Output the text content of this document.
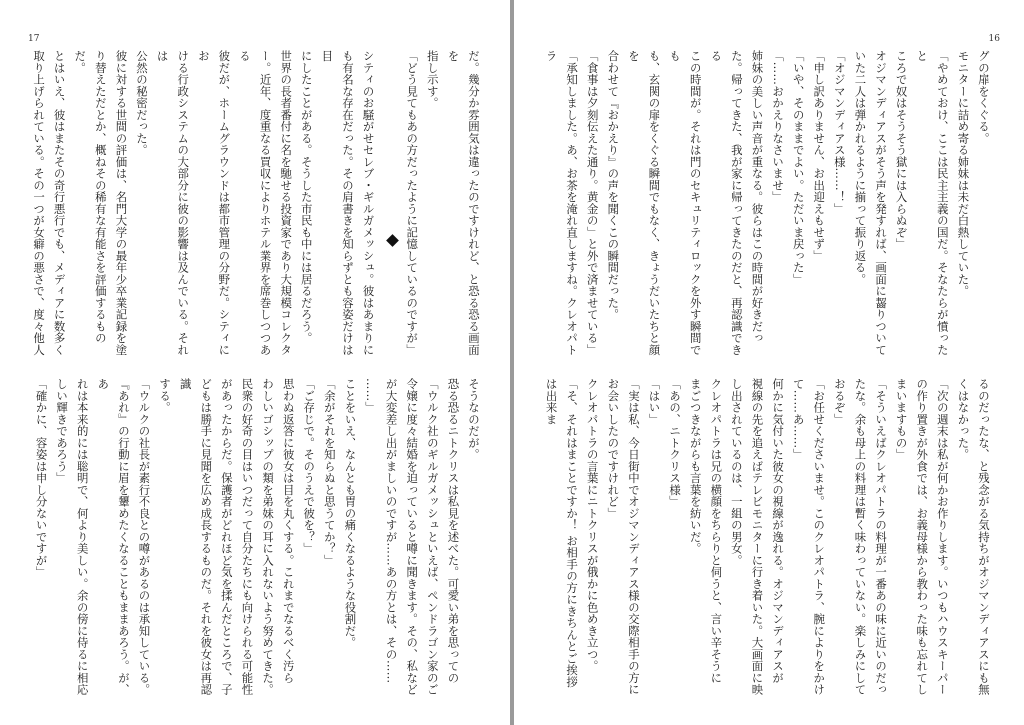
17

だ。幾分か雰囲気は違ったのですけれど、と恐る恐る画面を

指し示す。

「どう見てもあの方だったように記憶しているのですが」

シティのお騒がせセレブ・ギルガメッシュ。彼はあまりに

も有名な存在だった。その肩書きを知らずとも容姿だけは目

にしたことがある。そうした市民も中には居るだろう。

世界の長者番付に名を馳せる投資家であり大規模コレクタ

ー。近年、度重なる買収によりホテル業界を席巻しつつある

彼だが、ホームグラウンドは都市管理の分野だ。シティにお

ける行政システムの大部分に彼の影響は及んでいる。それは

公然の秘密だった。

彼に対する世間の評価は、名門大学の最年少卒業記録を塗

り替えただとか、概ねその稀有な有能さを評価するものだ。

とはいえ、彼はまたその奇行悪行でも、メディアに数多く

取り上げられている。その一つが女癖の悪さで、度々他人

そうなのだが。

恐る恐るニトクリスは私見を述べた。可愛い弟を思っての

「ウルク社のギルガメッシュといえば、ペンドラゴン家のご

令嬢に度々結婚を迫っていると噂に聞きます。その、私など

が大変差し出がましいのですが……あの方とは、その……

……」

ことをいえ、なんとも胃の痛くなるような役割だ。

「余がそれを知らぬと思うてか？」

「ご存じで。そのうえで彼を？」

思わぬ返答に彼女は目を丸くする。これまでなるべく汚ら

わしいゴシップの類を弟妹の耳に入れないよう努めてきた。

民衆の好奇の目はいつだって自分たちにも向けられる可能性

があったからだ。保護者がどれほど気を揉んだところで、子

どもは勝手に見聞を広め成長するものだ。それを彼女は再認識

する。

「ウルクの社長が素行不良との噂があるのは承知している。

『あれ』の行動に眉を顰めたくなることもままあろう。が、あ

れは本来的には聡明で、何より美しい。余の傍に侍るに相応

しい輝きであろう」

「確かに、容姿は申し分ないですが」

16

グの扉をくぐる。

モニターに詰め寄る姉妹は未だ白熱していた。

「やめておけ、ここは民主主義の国だ。そなたらが憤ったと

ころで奴はそうそう獄には入らぬぞ」

オジマンディアスがそう声を発すれば、画面に齧りついて

いた二人は弾かれるように揃って振り返る。

「オジマンディアス様……！」

「申し訳ありません、お出迎えもせず」

「いや、そのままでよい。ただいま戻った」

「……おかえりなさいませ」

姉妹の美しい声音が重なる。彼らはこの時間が好きだっ

た。帰ってきた、我が家に帰ってきたのだと、再認識できる

この時間が。それは門のセキュリティロックを外す瞬間でも

も、玄関の扉をくぐる瞬間でもなく、きょうだいたちと顔を

合わせて『おかえり』の声を聞くこの瞬間だった。

「食事は夕刻伝えた通り。黄金の」と外で済ませている」

「承知しました。あ、お茶を淹れ直しますね。クレオパトラ

るのだったな、と残念がる気持ちがオジマンディアスにも無

くはなかった。

「次の週末は私が何かお作りします。いつもハウスキーパー

の作り置きが外食では、お義母様から教わった味も忘れてし

まいますもの」

「そういえばクレオパトラの料理が一番あの味に近いのだっ

たな。余も母上の料理は暫く味わっていない。楽しみにして

おるぞ」

「お任せくださいませ。このクレオパトラ、腕によりをかけ

て……あ……」

何かに気付いた彼女の視線が逸れる。オジマンディアスが

視線の先を追えばテレビモニターに行き着いた。大画面に映

し出されているのは、一組の男女。

クレオパトラは兄の横顔をちらりと伺うと、言い辛そうに

まごつきながらも言葉を紡いだ。

「あの、ニトクリス様」

「はい」

「実は私、今日街中でオジマンディアス様の交際相手の方に

お会いしたのですけれど」

クレオパトラの言葉にニトクリスが俄かに色めき立つ。

「そ、それはまことですか！ お相手の方にきちんとご挨拶は出来ま
